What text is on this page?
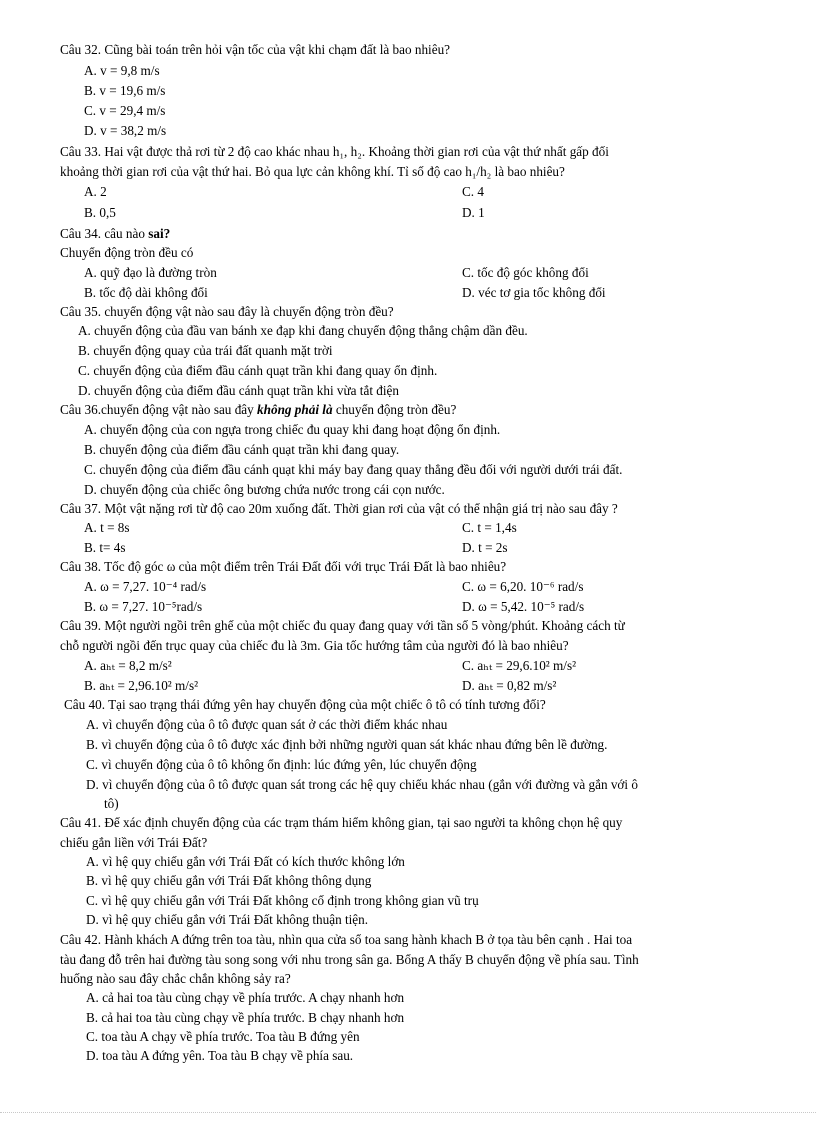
Câu 32. Cũng bài toán trên hỏi vận tốc của vật khi chạm đất là bao nhiêu?
A. v = 9,8 m/s
B. v = 19,6 m/s
C. v = 29,4 m/s
D. v = 38,2 m/s
Câu 33. Hai vật được thả rơi từ 2 độ cao khác nhau h₁, h₂. Khoảng thời gian rơi của vật thứ nhất gấp đối
khoảng thời gian rơi của vật thứ hai. Bỏ qua lực cản không khí. Tỉ số độ cao h₁/h₂ là bao nhiêu?
A. 2	C. 4
B. 0,5	D. 1
Câu 34. câu nào sai?
Chuyển động tròn đều có
A. quỹ đạo là đường tròn	C. tốc độ góc không đổi
B. tốc độ dài không đổi	D. véc tơ gia tốc không đổi
Câu 35. chuyển động vật nào sau đây là chuyển động tròn đều?
A. chuyển động của đầu van bánh xe đạp khi đang chuyển động thẳng chậm dần đều.
B. chuyển động quay của trái đất quanh mặt trời
C. chuyển động của điểm đầu cánh quạt trần khi đang quay ổn định.
D. chuyển động của điểm đầu cánh quạt trần khi vừa tắt điện
Câu 36.chuyển động vật nào sau đây không phải là chuyển động tròn đều?
A. chuyển động của con ngựa trong chiếc đu quay khi đang hoạt động ổn định.
B. chuyển động của điểm đầu cánh quạt trần khi đang quay.
C. chuyển động của điểm đầu cánh quạt khi máy bay đang quay thẳng đều đối với người dưới trái đất.
D. chuyển động của chiếc ông bương chứa nước trong cái cọn nước.
Câu 37. Một vật nặng rơi từ độ cao 20m xuống đất. Thời gian rơi của vật có thể nhận giá trị nào sau đây ?
A. t = 8s	C. t = 1,4s
B. t= 4s	D. t = 2s
Câu 38. Tốc độ góc ω của một điểm trên Trái Đất đối với trục Trái Đất là bao nhiêu?
A. ω = 7,27. 10⁻⁴ rad/s	C. ω = 6,20. 10⁻⁶ rad/s
B. ω = 7,27. 10⁻⁵rad/s	D. ω = 5,42. 10⁻⁵ rad/s
Câu 39. Một người ngồi trên ghế của một chiếc đu quay đang quay với tần số 5 vòng/phút. Khoảng cách từ
chỗ người ngồi đến trục quay của chiếc đu là 3m. Gia tốc hướng tâm của người đó là bao nhiêu?
A. aₕₜ = 8,2 m/s²	C. aₕₜ = 29,6.10² m/s²
B. aₕₜ = 2,96.10² m/s²	D. aₕₜ = 0,82 m/s²
Câu 40. Tại sao trạng thái đứng yên hay chuyển động của một chiếc ô tô có tính tương đối?
A. vì chuyển động của ô tô được quan sát ở các thời điểm khác nhau
B. vì chuyển động của ô tô được xác định bởi những người quan sát khác nhau đứng bên lề đường.
C. vì chuyển động của ô tô không ổn định: lúc đứng yên, lúc chuyển động
D. vì chuyển động của ô tô được quan sát trong các hệ quy chiếu khác nhau (gắn với đường và gắn với ô
tô)
Câu 41. Để xác định chuyển động của các trạm thám hiểm không gian, tại sao người ta không chọn hệ quy
chiếu gắn liền với Trái Đất?
A. vì hệ quy chiếu gắn với Trái Đất có kích thước không lớn
B. vì hệ quy chiếu gắn với Trái Đất không thông dụng
C. vì hệ quy chiếu gắn với Trái Đất không cố định trong không gian vũ trụ
D. vì hệ quy chiếu gắn với Trái Đất không thuận tiện.
Câu 42. Hành khách A đứng trên toa tàu, nhìn qua cửa sổ toa sang hành khach B ở tọa tàu bên cạnh . Hai toa
tàu đang đỗ trên hai đường tàu song song với nhu trong sân ga. Bổng A thấy B chuyển động về phía sau. Tình
huống nào sau đây chắc chắn không sảy ra?
A. cả hai toa tàu cùng chạy về phía trước. A chạy nhanh hơn
B. cả hai toa tàu cùng chạy về phía trước. B chạy nhanh hơn
C. toa tàu A chạy về phía trước. Toa tàu B đứng yên
D. toa tàu A đứng yên. Toa tàu B chạy về phía sau.
